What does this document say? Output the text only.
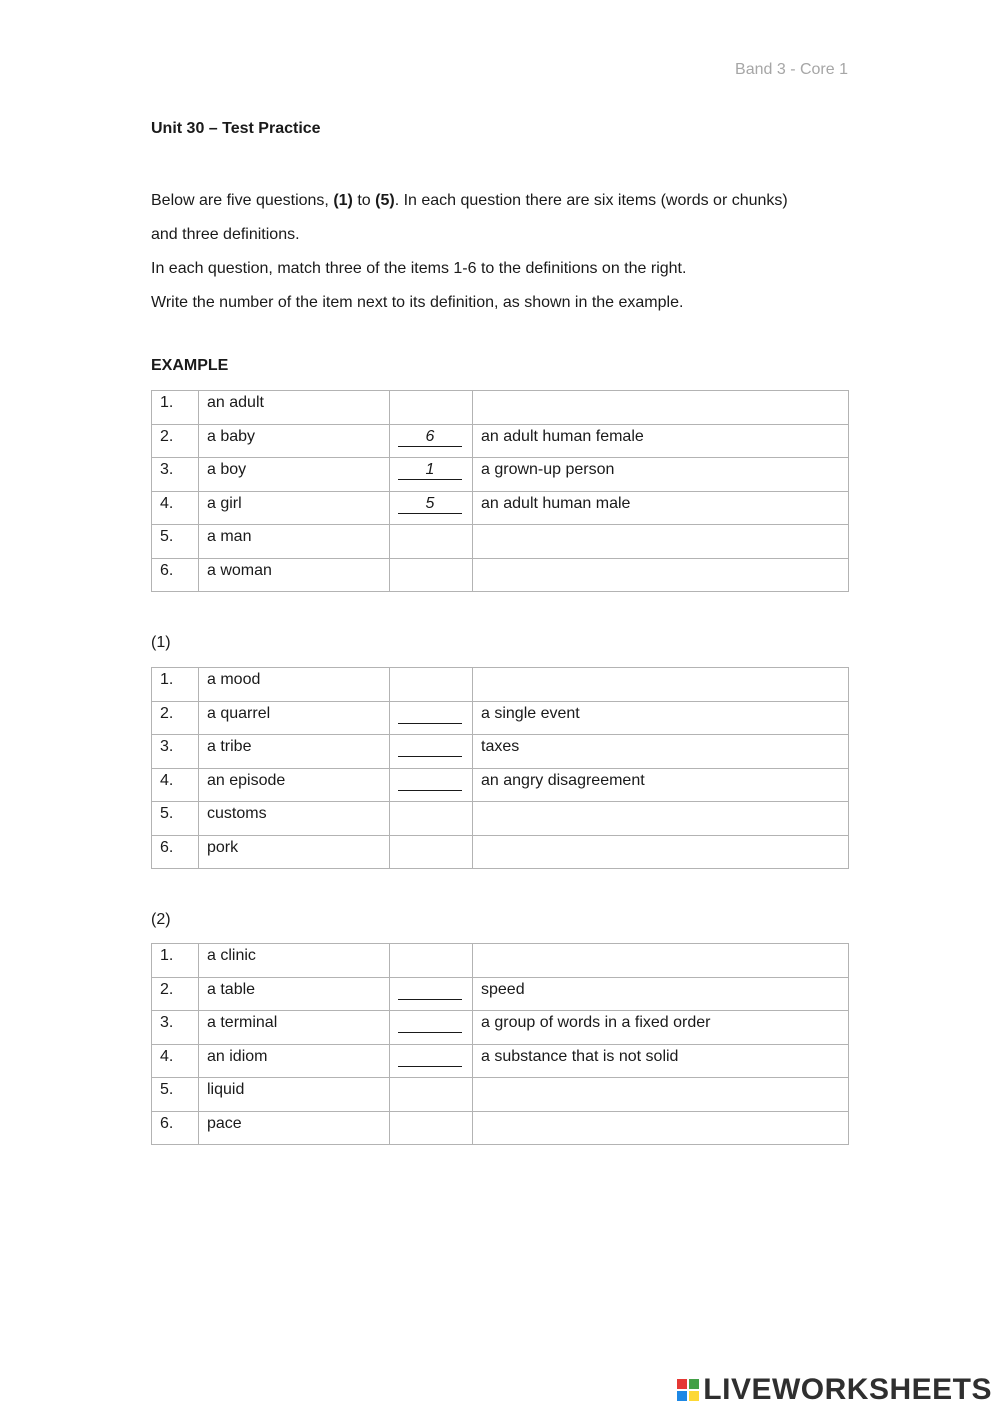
Band 3 - Core 1
Unit 30 – Test Practice

Below are five questions, (1) to (5). In each question there are six items (words or chunks)

and three definitions.

In each question, match three of the items 1-6 to the definitions on the right.

Write the number of the item next to its definition, as shown in the example.

EXAMPLE
1.	an adult		
2.	a baby	6	an adult human female
3.	a boy	1	a grown-up person
4.	a girl	5	an adult human male
5.	a man		
6.	a woman		
(1)
1.	a mood		
2.	a quarrel		a single event
3.	a tribe		taxes
4.	an episode		an angry disagreement
5.	customs		
6.	pork		
(2)
1.	a clinic		
2.	a table		speed
3.	a terminal		a group of words in a fixed order
4.	an idiom		a substance that is not solid
5.	liquid		
6.	pace		
LIVEWORKSHEETS
